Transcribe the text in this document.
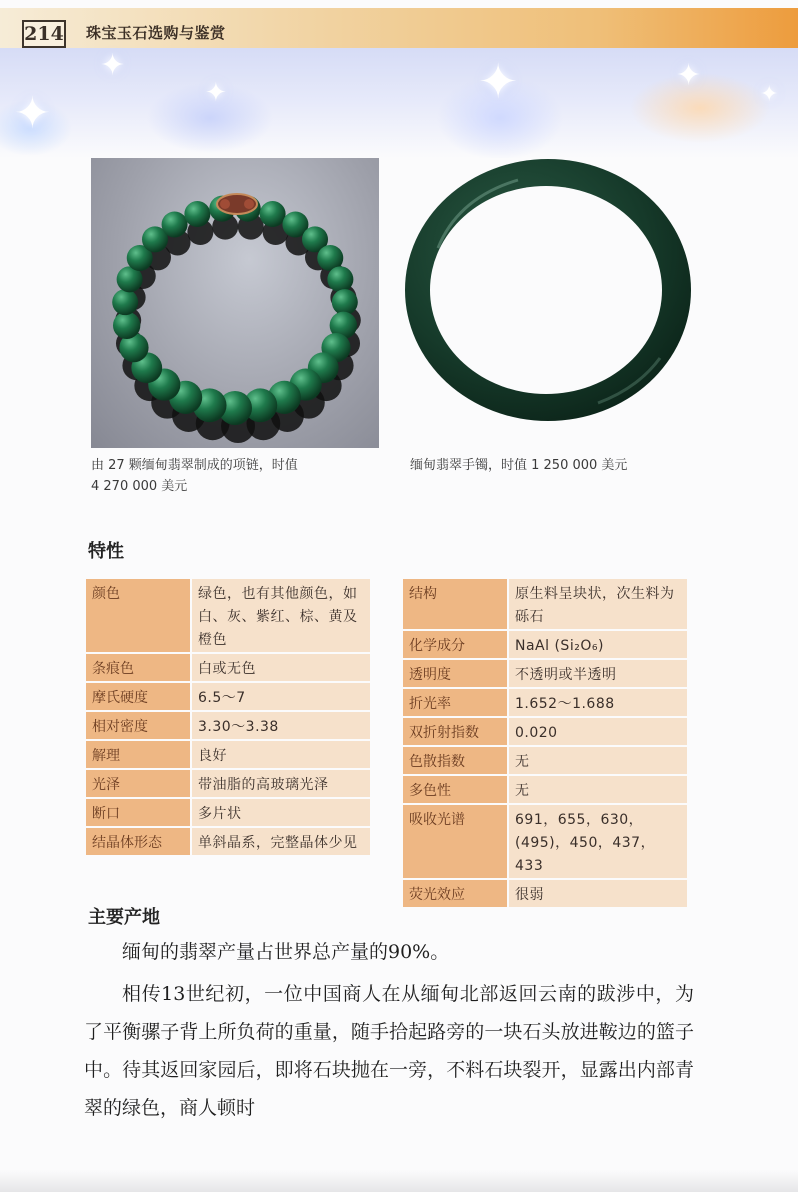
214 珠宝玉石选购与鉴赏
✦
✦
✦	✦	✦
✦
由 27 颗缅甸翡翠制成的项链，时值
4 270 000 美元
缅甸翡翠手镯，时值 1 250 000 美元
特性
颜色	绿色，也有其他颜色，如白、灰、紫红、棕、黄及橙色
条痕色	白或无色
摩氏硬度	6.5～7
相对密度	3.30～3.38
解理	良好
光泽	带油脂的高玻璃光泽
断口	多片状
结晶体形态	单斜晶系，完整晶体少见
结构	原生料呈块状，次生料为砾石
化学成分	NaAl (Si₂O₆)
透明度	不透明或半透明
折光率	1.652～1.688
双折射指数	0.020
色散指数	无
多色性	无
吸收光谱	691，655，630，(495)，450，437，433
荧光效应	很弱
主要产地
缅甸的翡翠产量占世界总产量的90%。
相传13世纪初，一位中国商人在从缅甸北部返回云南的跋涉中，为了平衡骡子背上所负荷的重量，随手拾起路旁的一块石头放进鞍边的篮子中。待其返回家园后，即将石块抛在一旁，不料石块裂开，显露出内部青翠的绿色，商人顿时
